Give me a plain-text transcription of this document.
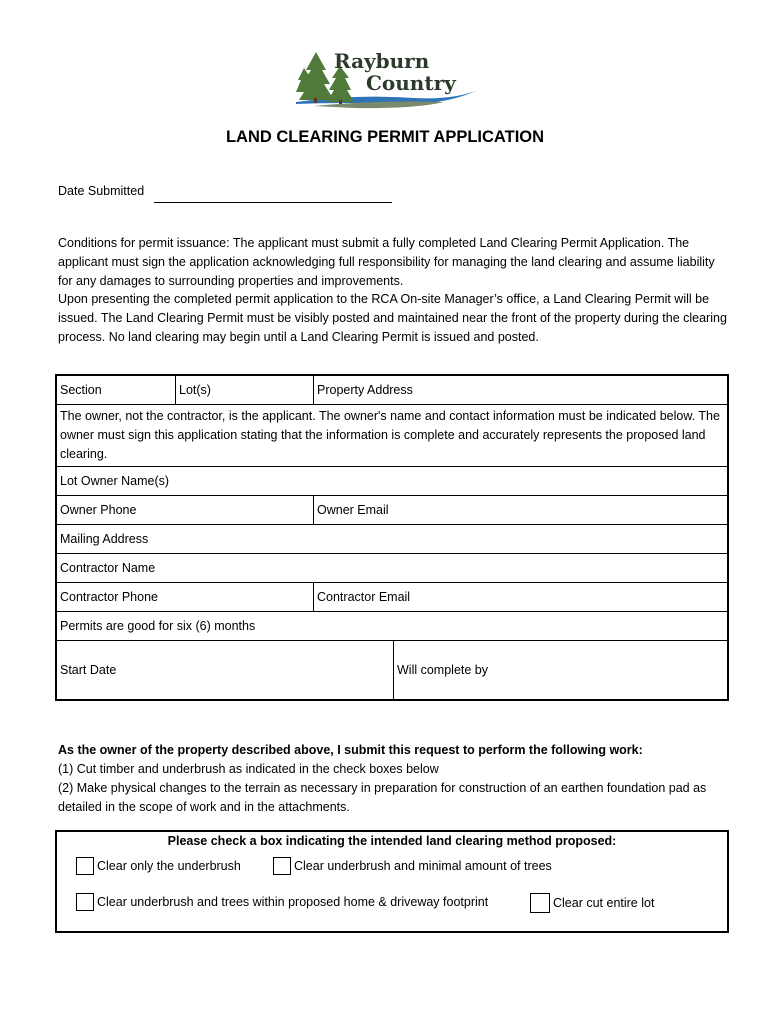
Rayburn
Country
LAND CLEARING PERMIT APPLICATION
Date Submitted
Conditions for permit issuance: The applicant must submit a fully completed Land Clearing Permit Application. The applicant must sign the application acknowledging full responsibility for managing the land clearing and assume liability for any damages to surrounding properties and improvements.
Upon presenting the completed permit application to the RCA On-site Manager’s office, a Land Clearing Permit will be issued. The Land Clearing Permit must be visibly posted and maintained near the front of the property during the clearing process. No land clearing may begin until a Land Clearing Permit is issued and posted.
Section	Lot(s)	Property Address
The owner, not the contractor, is the applicant. The owner's name and contact information must be indicated below. The owner must sign this application stating that the information is complete and accurately represents the proposed land clearing.
Lot Owner Name(s)
Owner Phone	Owner Email
Mailing Address
Contractor Name
Contractor Phone	Contractor Email
Permits are good for six (6) months
Start Date	Will complete by
As the owner of the property described above, I submit this request to perform the following work:
(1) Cut timber and underbrush as indicated in the check boxes below
(2) Make physical changes to the terrain as necessary in preparation for construction of an earthen foundation pad as detailed in the scope of work and in the attachments.
Please check a box indicating the intended land clearing method proposed:
Clear only the underbrush	Clear underbrush and minimal amount of trees
Clear underbrush and trees within proposed home & driveway footprint	Clear cut entire lot
